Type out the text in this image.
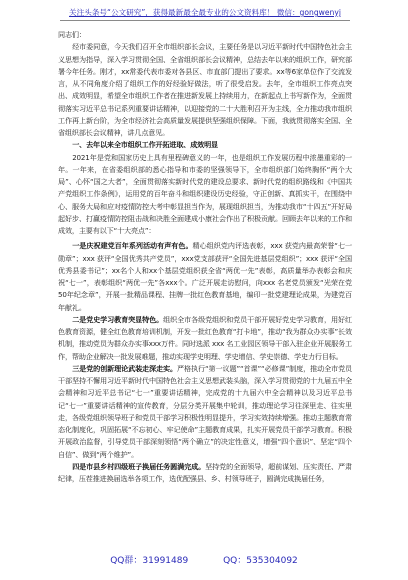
关注头条号“公文研究”，获得最新最全最专业的公文资料库！ 微信：gongwenyj

同志们：

经市委同意，今天我们召开全市组织部长会议，主要任务是以习近平新时代中国特色社会主义思想为指导，深入学习贯彻全国、全省组织部长会议精神，总结去年以来的组织工作，研究部署今年任务。刚才，xx常委代表市委对各县区、市直部门提出了要求。xx等6家单位作了交流发言，从不同角度介绍了组织工作的好经验好做法，听了很受启发。去年，全市组织工作亮点突出、成效明显，希望全市组织工作者在推进新发展上持续用力，在新起点上书写新作为，全面贯彻落实习近平总书记系列重要讲话精神，以迎接党的二十大胜利召开为主线，全力推动我市组织工作再上新台阶，为全市经济社会高质量发展提供坚强组织保障。下面，我就贯彻落实全国、全省组织部长会议精神，讲几点意见。

一、去年以来全市组织工作开拓进取、成效明显

2021年是党和国家历史上具有里程碑意义的一年，也是组织工作发展历程中浓墨重彩的一年。一年来，在省委组织部的悉心指导和市委的坚强领导下，全市组织部门始终胸怀“两个大局”、心怀“国之大者”，全面贯彻落实新时代党的建设总要求、新时代党的组织路线和《中国共产党组织工作条例》，运用党的百年奋斗和组织建设历史经验，守正创新、真抓实干，在围绕中心、服务大局和应对疫情防控大考中彰显担当作为，展现组织担当，为推动我市“十四五”开好局起好步、打赢疫情防控阻击战和决胜全面建成小康社会作出了积极贡献。回顾去年以来的工作和成效，主要有以下“十大亮点”：

一是庆祝建党百年系列活动有声有色。精心组织党内评选表彰，xxx 获党内最高荣誉“七一勋章”；xxx 获评“全国优秀共产党员”，xxx党支部获评“全国先进基层党组织”；xxx 获评“全国优秀县委书记”；xx名个人和xx个基层党组织获全省“两优一先”表彰，高质量举办表彰会和庆祝“七一”，表彰组织“两优一先”各xxx个。广泛开展走访慰问，向xxx 名老党员颁发“光荣在党50年纪念章”，开展一批精品课程、挂牌一批红色教育基地，编印一批党建理论成果，为建党百年献礼。

二是党史学习教育突显特色。组织全市各级党组织和党员干部开展好党史学习教育，用好红色教育资源，健全红色教育培训机制，开发一批红色教育“打卡地”，推动“我为群众办实事”长效机制，推动党员为群众办实事xxx万件。同时选派 xxx 名工业园区领导干部入驻企业开展服务工作，帮助企业解决一批发展难题，推动实现学史明理、学史增信、学史崇德、学史力行目标。

三是党的创新理论武装走深走实。严格执行“第一议题”“首课”“必修课”制度，推动全市党员干部坚持不懈用习近平新时代中国特色社会主义思想武装头脑，深入学习贯彻党的十九届五中全会精神和习近平总书记“七一”重要讲话精神，完成党的十九届六中全会精神以及习近平总书记“七一”重要讲话精神的宣传教育，分层分类开展集中轮训，推动理论学习往深里走、往实里走，各级党组织领导班子和党员干部学习积极性明显提升，学习实效持续增强。推动主题教育常态化制度化，巩固拓展“不忘初心、牢记使命”主题教育成果，扎实开展党员干部学习教育。积极开展政治监督，引导党员干部深刻领悟“两个确立”的决定性意义，增强“四个意识”、坚定“四个自信”、做到“两个维护”。

四是市县乡村四级班子换届任务圆满完成。坚持党的全面领导，超前谋划、压实责任、严肃纪律，压茬推进换届选举各项工作，选优配强县、乡、村领导班子，圆满完成换届任务，

QQ群：31991489	QQ：535304092
